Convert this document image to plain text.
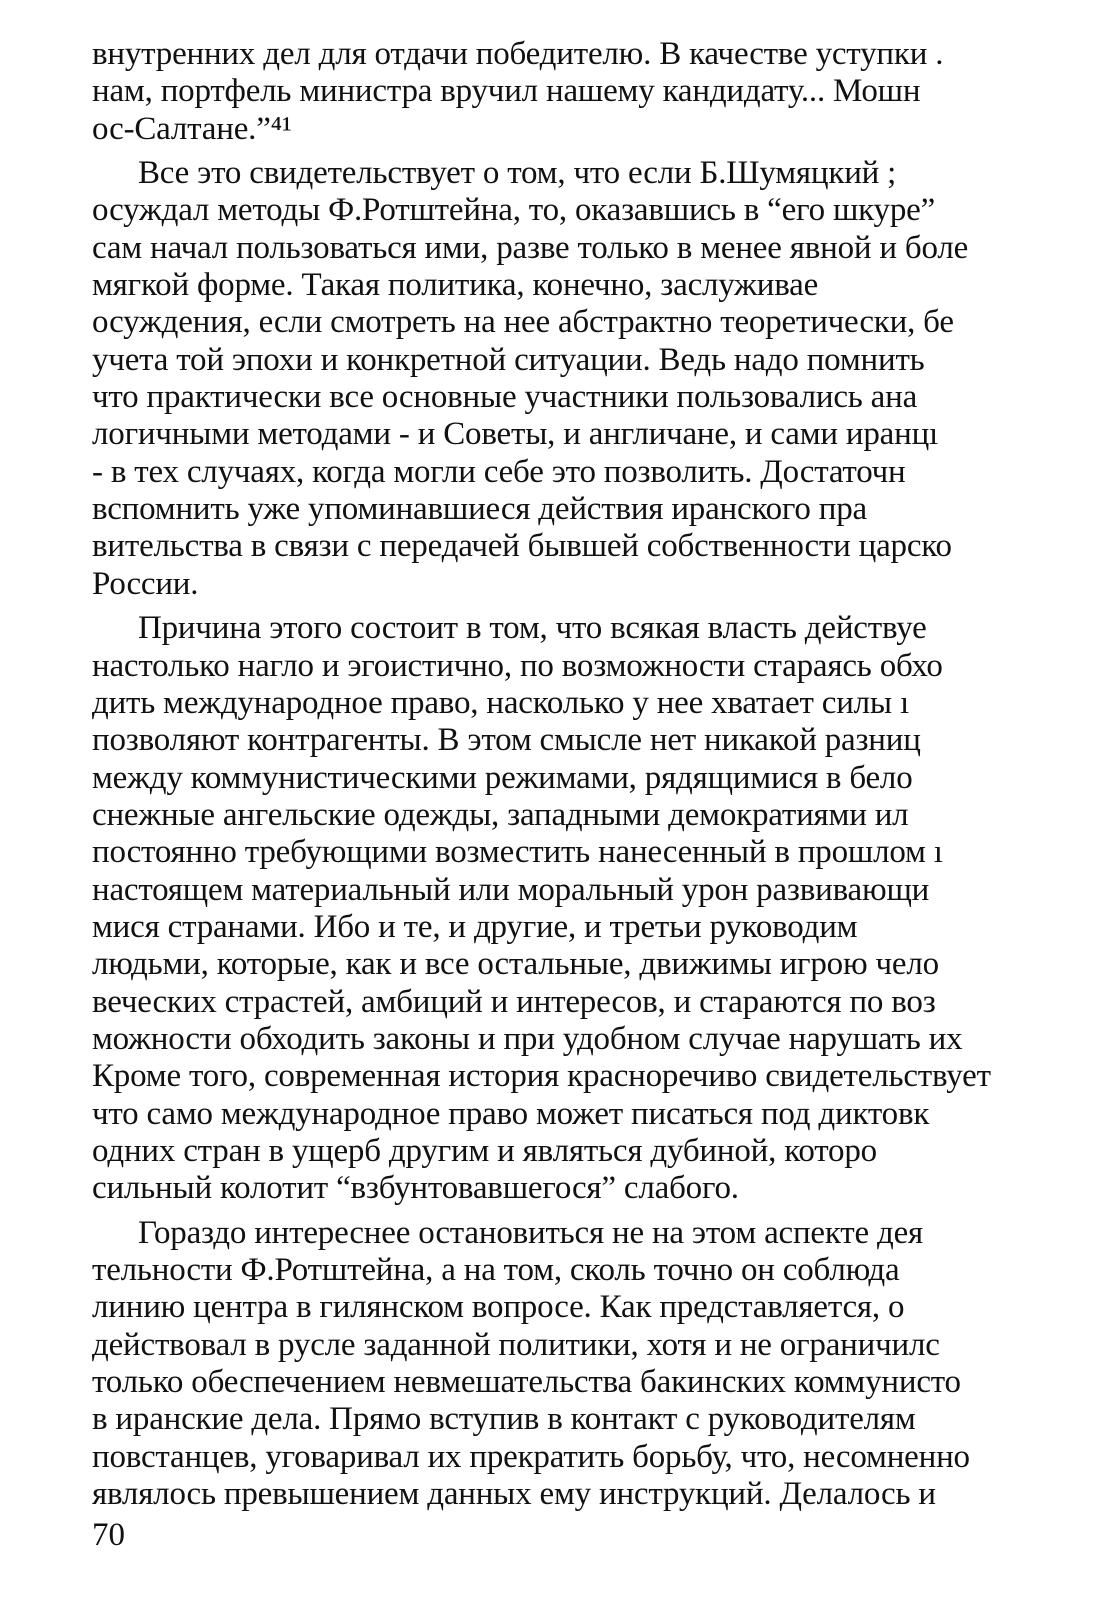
внутренних дел для отдачи победителю. В качестве уступки .
нам, портфель министра вручил нашему кандидату... Мошн
ос-Салтане.”⁴¹
Все это свидетельствует о том, что если Б.Шумяцкий ;
осуждал методы Ф.Ротштейна, то, оказавшись в “его шкуре”
сам начал пользоваться ими, разве только в менее явной и боле
мягкой форме. Такая политика, конечно, заслуживае
осуждения, если смотреть на нее абстрактно теоретически, бе
учета той эпохи и конкретной ситуации. Ведь надо помнить
что практически все основные участники пользовались ана
логичными методами - и Советы, и англичане, и сами иранцı
- в тех случаях, когда могли себе это позволить. Достаточн
вспомнить уже упоминавшиеся действия иранского пра
вительства в связи с передачей бывшей собственности царско
России.
Причина этого состоит в том, что всякая власть действуе
настолько нагло и эгоистично, по возможности стараясь обхо
дить международное право, насколько у нее хватает силы ı
позволяют контрагенты. В этом смысле нет никакой разниц
между коммунистическими режимами, рядящимися в бело
снежные ангельские одежды, западными демократиями ил
постоянно требующими возместить нанесенный в прошлом ı
настоящем материальный или моральный урон развивающи
мися странами. Ибо и те, и другие, и третьи руководим
людьми, которые, как и все остальные, движимы игрою чело
веческих страстей, амбиций и интересов, и стараются по воз
можности обходить законы и при удобном случае нарушать их
Кроме того, современная история красноречиво свидетельствует
что само международное право может писаться под диктовк
одних стран в ущерб другим и являться дубиной, которо
сильный колотит “взбунтовавшегося” слабого.
Гораздо интереснее остановиться не на этом аспекте дея
тельности Ф.Ротштейна, а на том, сколь точно он соблюда
линию центра в гилянском вопросе. Как представляется, о
действовал в русле заданной политики, хотя и не ограничилс
только обеспечением невмешательства бакинских коммунисто
в иранские дела. Прямо вступив в контакт с руководителям
повстанцев, уговаривал их прекратить борьбу, что, несомненно
являлось превышением данных ему инструкций. Делалось и
70
